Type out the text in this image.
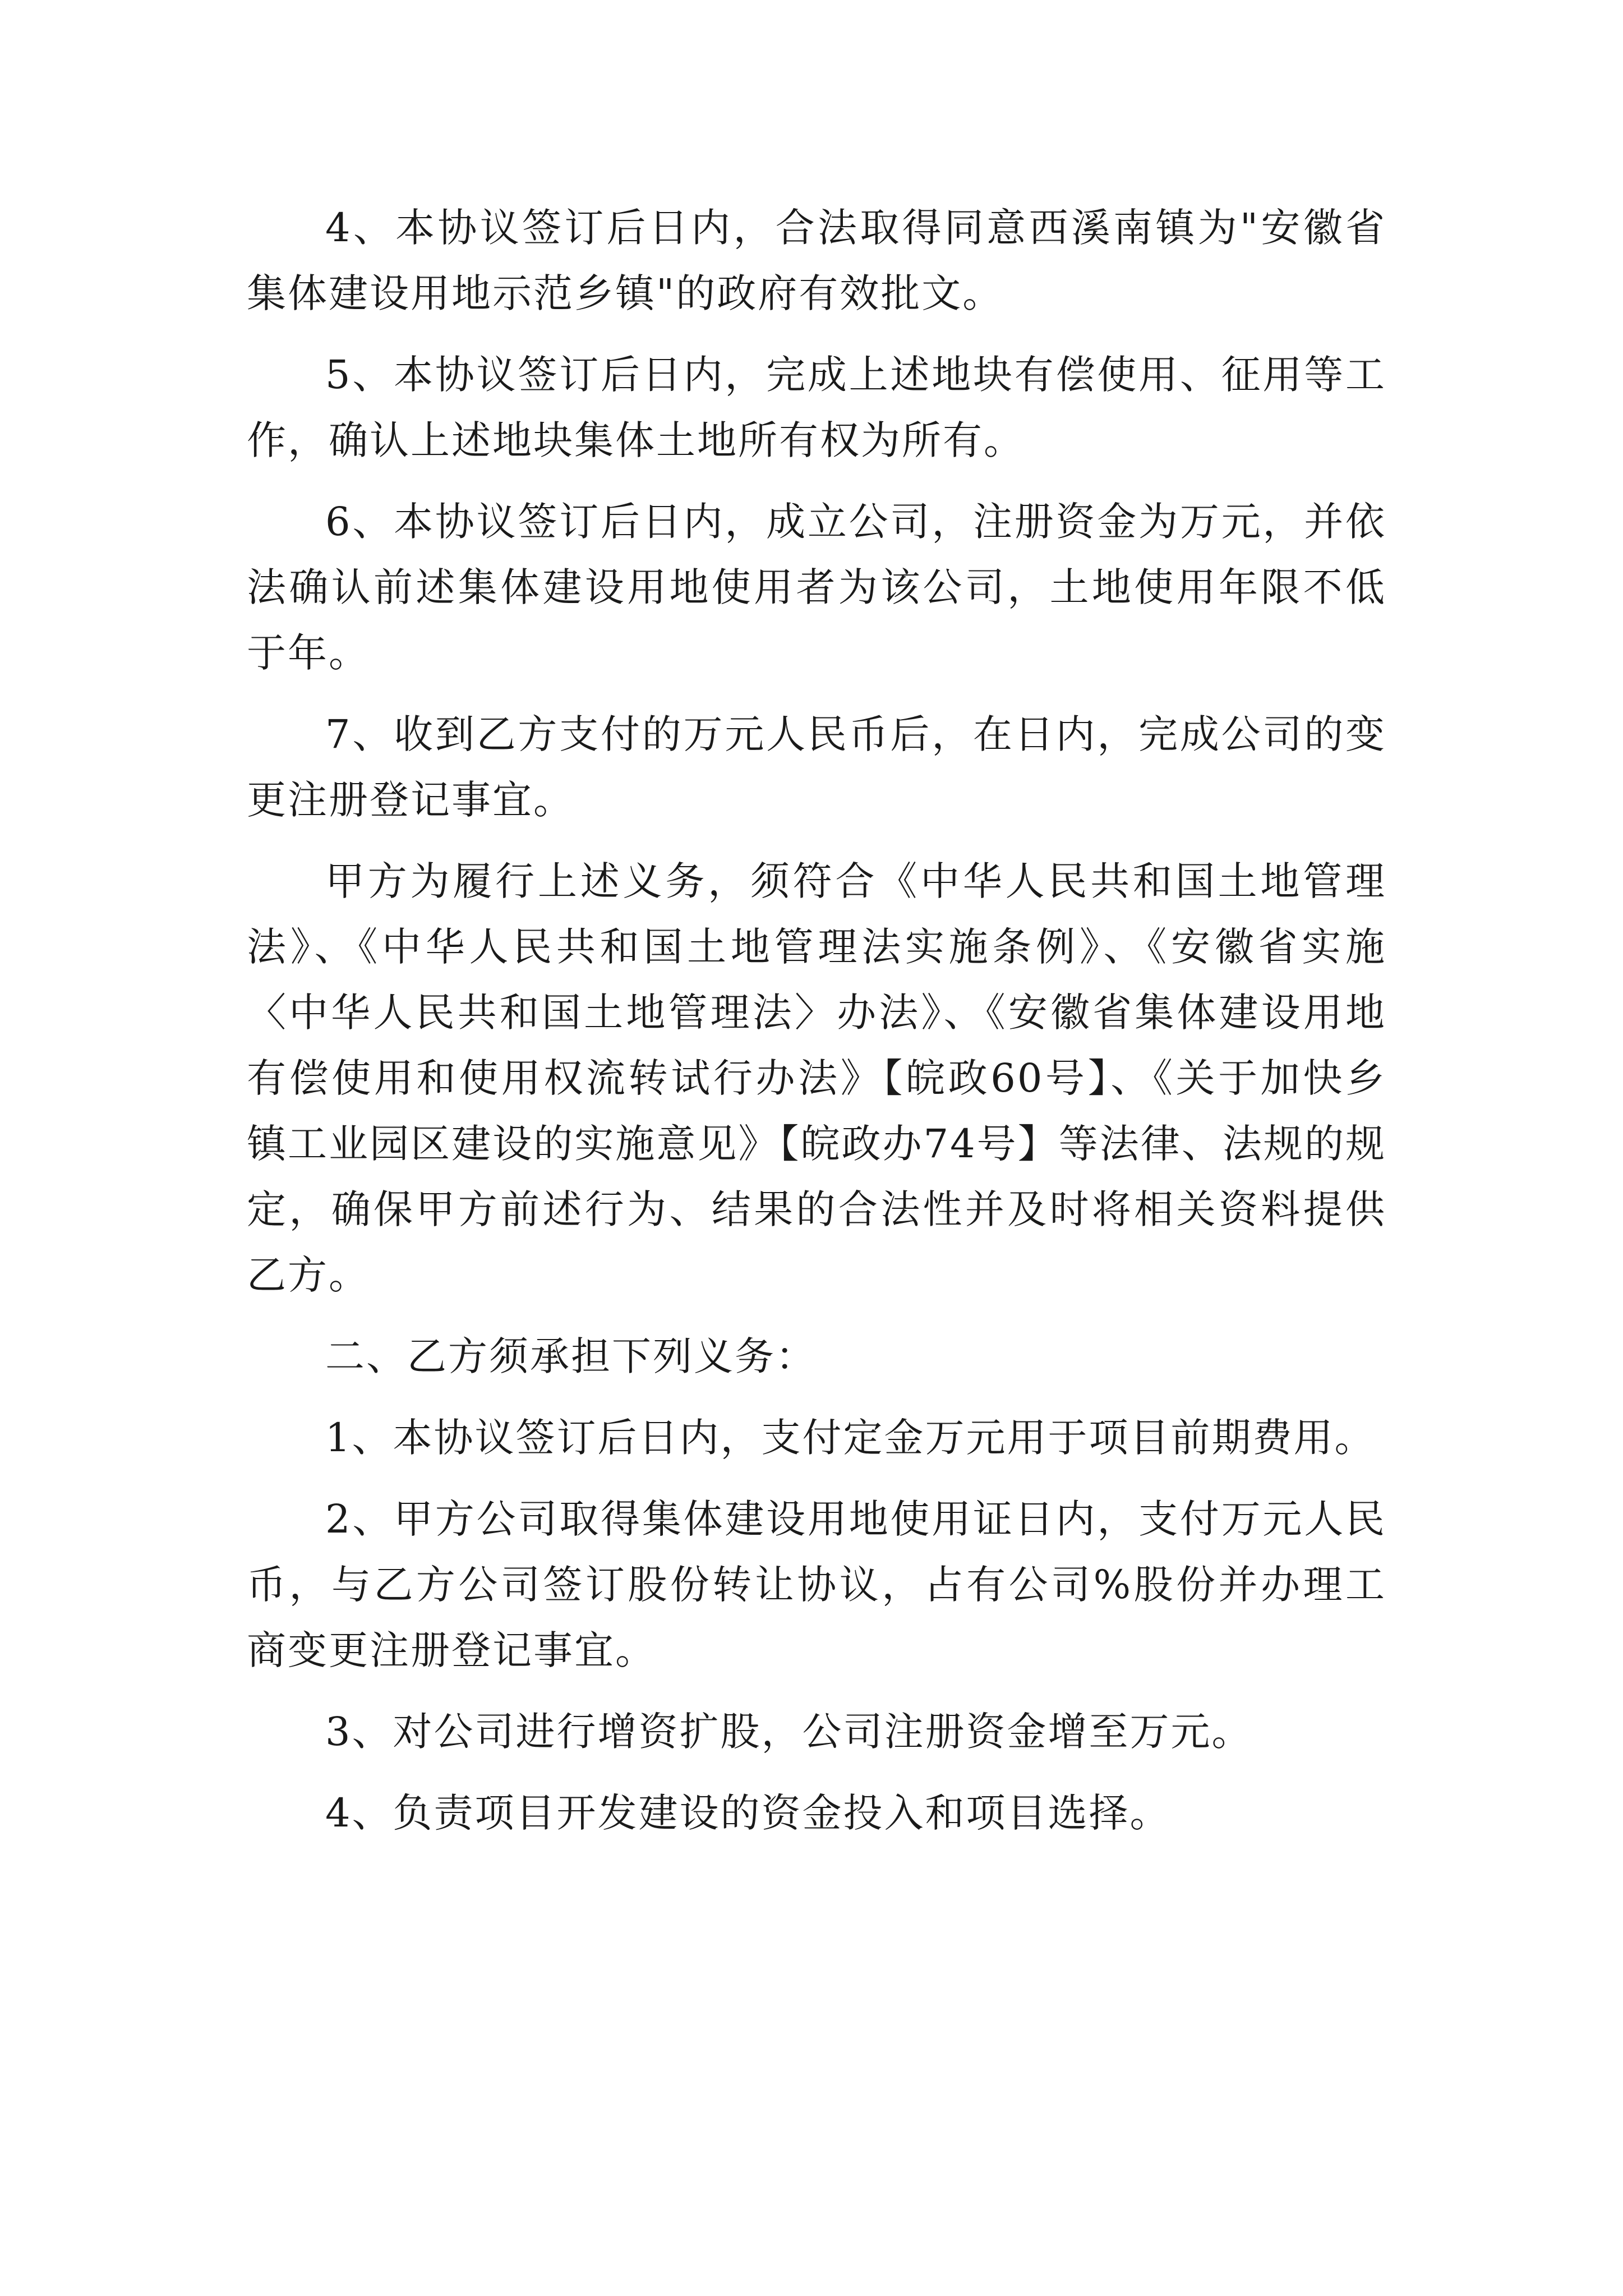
4、本协议签订后日内，合法取得同意西溪南镇为"安徽省集体建设用地示范乡镇"的政府有效批文。

5、本协议签订后日内，完成上述地块有偿使用、征用等工作，确认上述地块集体土地所有权为所有。

6、本协议签订后日内，成立公司，注册资金为万元，并依法确认前述集体建设用地使用者为该公司，土地使用年限不低于年。

7、收到乙方支付的万元人民币后，在日内，完成公司的变更注册登记事宜。

甲方为履行上述义务，须符合《中华人民共和国土地管理法》、《中华人民共和国土地管理法实施条例》、《安徽省实施〈中华人民共和国土地管理法〉办法》、《安徽省集体建设用地有偿使用和使用权流转试行办法》【皖政60号】、《关于加快乡镇工业园区建设的实施意见》【皖政办74号】等法律、法规的规定，确保甲方前述行为、结果的合法性并及时将相关资料提供乙方。

二、乙方须承担下列义务：

1、本协议签订后日内，支付定金万元用于项目前期费用。

2、甲方公司取得集体建设用地使用证日内，支付万元人民币，与乙方公司签订股份转让协议，占有公司%股份并办理工商变更注册登记事宜。

3、对公司进行增资扩股，公司注册资金增至万元。

4、负责项目开发建设的资金投入和项目选择。
